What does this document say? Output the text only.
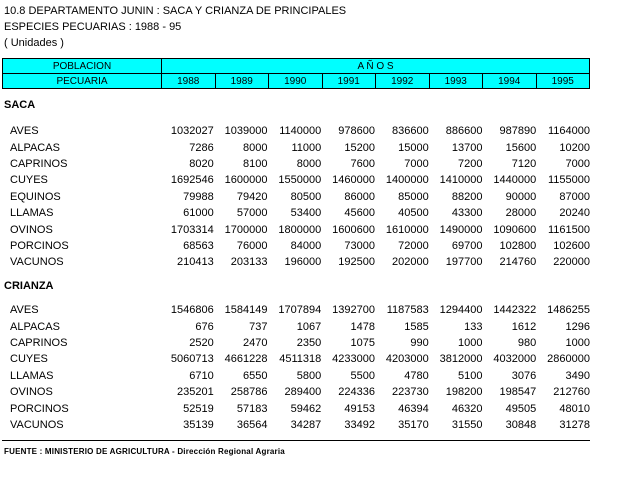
10.8 DEPARTAMENTO JUNIN : SACA Y CRIANZA DE PRINCIPALES
ESPECIES PECUARIAS : 1988 - 95
( Unidades )
POBLACION	A Ñ O S							
PECUARIA	1988	1989	1990	1991	1992	1993	1994	1995
SACA
AVES	1032027	1039000	1140000	978600	836600	886600	987890	1164000
ALPACAS	7286	8000	11000	15200	15000	13700	15600	10200
CAPRINOS	8020	8100	8000	7600	7000	7200	7120	7000
CUYES	1692546	1600000	1550000	1460000	1400000	1410000	1440000	1155000
EQUINOS	79988	79420	80500	86000	85000	88200	90000	87000
LLAMAS	61000	57000	53400	45600	40500	43300	28000	20240
OVINOS	1703314	1700000	1800000	1600600	1610000	1490000	1090600	1161500
PORCINOS	68563	76000	84000	73000	72000	69700	102800	102600
VACUNOS	210413	203133	196000	192500	202000	197700	214760	220000
CRIANZA
AVES	1546806	1584149	1707894	1392700	1187583	1294400	1442322	1486255
ALPACAS	676	737	1067	1478	1585	133	1612	1296
CAPRINOS	2520	2470	2350	1075	990	1000	980	1000
CUYES	5060713	4661228	4511318	4233000	4203000	3812000	4032000	2860000
LLAMAS	6710	6550	5800	5500	4780	5100	3076	3490
OVINOS	235201	258786	289400	224336	223730	198200	198547	212760
PORCINOS	52519	57183	59462	49153	46394	46320	49505	48010
VACUNOS	35139	36564	34287	33492	35170	31550	30848	31278
FUENTE : MINISTERIO DE AGRICULTURA - Dirección Regional Agraria
